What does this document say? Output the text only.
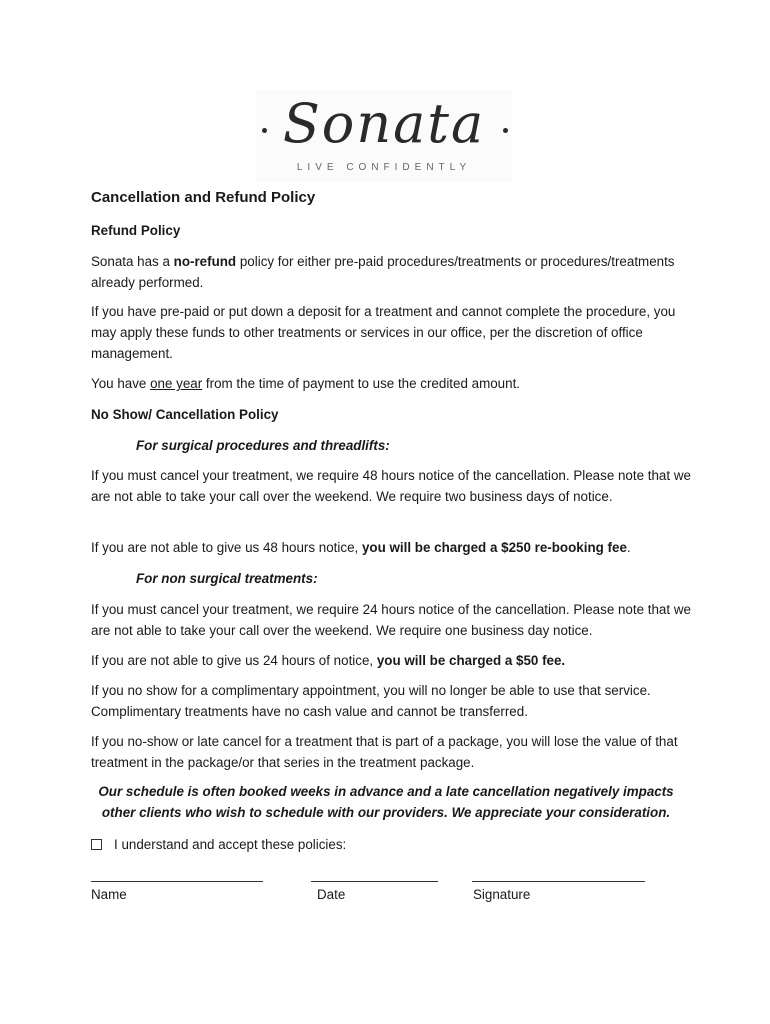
Sonata
LIVE CONFIDENTLY
Cancellation and Refund Policy
Refund Policy

Sonata has a no-refund policy for either pre-paid procedures/treatments or procedures/treatments already performed.

If you have pre-paid or put down a deposit for a treatment and cannot complete the procedure, you may apply these funds to other treatments or services in our office, per the discretion of office management.

You have one year from the time of payment to use the credited amount.

No Show/ Cancellation Policy
For surgical procedures and threadlifts:

If you must cancel your treatment, we require 48 hours notice of the cancellation. Please note that we are not able to take your call over the weekend. We require two business days of notice.

If you are not able to give us 48 hours notice, you will be charged a $250 re-booking fee.

For non surgical treatments:

If you must cancel your treatment, we require 24 hours notice of the cancellation. Please note that we are not able to take your call over the weekend. We require one business day notice.

If you are not able to give us 24 hours of notice, you will be charged a $50 fee.

If you no show for a complimentary appointment, you will no longer be able to use that service. Complimentary treatments have no cash value and cannot be transferred.

If you no-show or late cancel for a treatment that is part of a package, you will lose the value of that treatment in the package/or that series in the treatment package.

Our schedule is often booked weeks in advance and a late cancellation negatively impacts other clients who wish to schedule with our providers. We appreciate your consideration.

I understand and accept these policies:
Name	Date	Signature
